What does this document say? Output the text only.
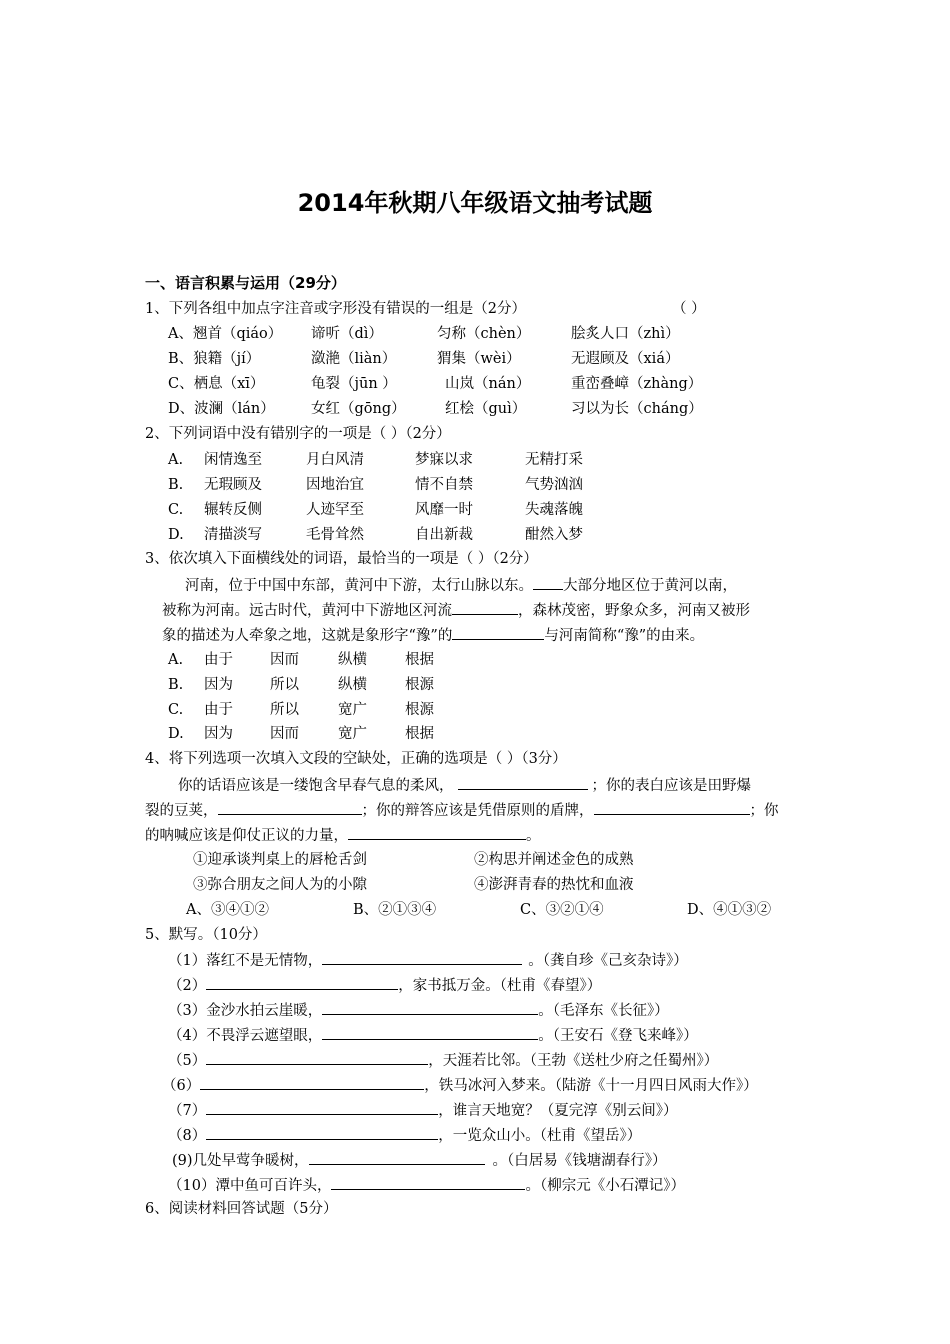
2014年秋期八年级语文抽考试题
一、语言积累与运用（29分）
1、下列各组中加点字注音或字形没有错误的一组是（2分）	（ ）
A、翘首（qiáo） 谛听（dì）	匀称（chèn）	脍炙人口（zhì）
B、狼籍（jí）	潋滟（liàn）	猬集（wèi）	无遐顾及（xiá）
C、栖息（xī）	龟裂（jūn ）	山岚（nán）	重峦叠嶂（zhàng）
D、波澜（lán）	女红（gōng）	红桧（guì）	习以为长（cháng）
2、下列词语中没有错别字的一项是（ ）（2分）
A. 闲情逸至	月白风清	梦寐以求	无精打采
B. 无瑕顾及	因地治宜	情不自禁	气势汹汹
C. 辗转反侧	人迹罕至	风靡一时	失魂落魄
D. 清描淡写	毛骨耸然	自出新裁	酣然入梦
3、依次填入下面横线处的词语，最恰当的一项是（ ）（2分）
河南，位于中国中东部，黄河中下游，太行山脉以东。 大部分地区位于黄河以南，
被称为河南。远古时代，黄河中下游地区河流	，森林茂密，野象众多，河南又被形
象的描述为人牵象之地，这就是象形字“豫”的	与河南简称“豫”的由来。
A. 由于	因而	纵横	根据
B. 因为	所以	纵横	根源
C. 由于	所以	宽广	根源
D. 因为	因而	宽广	根据
4、将下列选项一次填入文段的空缺处，正确的选项是（ ）（3分）
你的话语应该是一缕饱含早春气息的柔风，	；你的表白应该是田野爆
裂的豆荚，	；你的辩答应该是凭借原则的盾牌，	；你
的呐喊应该是仰仗正议的力量，	。
①迎承谈判桌上的唇枪舌剑	②构思并阐述金色的成熟
③弥合朋友之间人为的小隙	④澎湃青春的热忱和血液
A、③④①②	B、②①③④	C、③②①④	D、④①③②
5、默写。（10分）
（1）落红不是无情物，	。（龚自珍《己亥杂诗》）
（2）	，家书抵万金。（杜甫《春望》）
（3）金沙水拍云崖暖，	。（毛泽东《长征》）
（4）不畏浮云遮望眼，	。（王安石《登飞来峰》）
（5）	，天涯若比邻。（王勃《送杜少府之任蜀州》）
（6）	，铁马冰河入梦来。（陆游《十一月四日风雨大作》）
（7）	，谁言天地宽？（夏完淳《别云间》）
（8）	，一览众山小。（杜甫《望岳》）
(9)几处早莺争暖树，	。（白居易《钱塘湖春行》）
（10）潭中鱼可百许头，	。（柳宗元《小石潭记》）
6、阅读材料回答试题（5分）
